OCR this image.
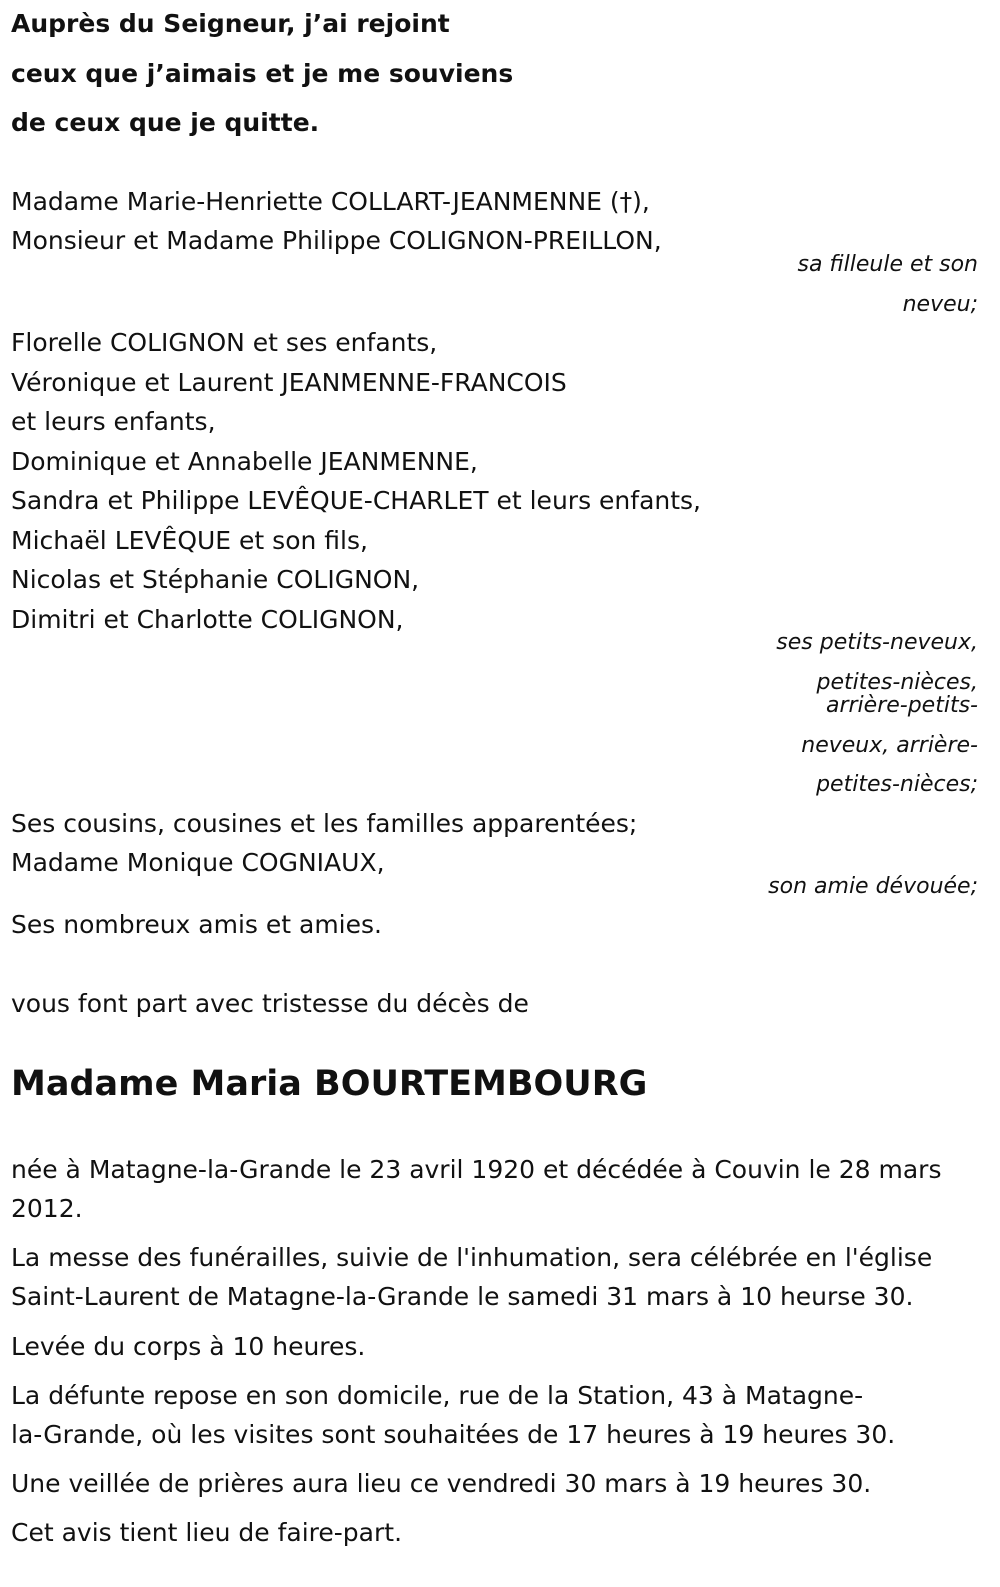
Auprès du Seigneur, j’ai rejoint
ceux que j’aimais et je me souviens
de ceux que je quitte.
Madame Marie-Henriette COLLART-JEANMENNE (†),
Monsieur et Madame Philippe COLIGNON-PREILLON,
sa filleule et son
neveu;
Florelle COLIGNON et ses enfants,
Véronique et Laurent JEANMENNE-FRANCOIS
et leurs enfants,
Dominique et Annabelle JEANMENNE,
Sandra et Philippe LEVÊQUE-CHARLET et leurs enfants,
Michaël LEVÊQUE et son fils,
Nicolas et Stéphanie COLIGNON,
Dimitri et Charlotte COLIGNON,
ses petits-neveux,
petites-nièces,
arrière-petits-
neveux, arrière-
petites-nièces;
Ses cousins, cousines et les familles apparentées;
Madame Monique COGNIAUX,
son amie dévouée;
Ses nombreux amis et amies.
vous font part avec tristesse du décès de
Madame Maria BOURTEMBOURG
née à Matagne-la-Grande le 23 avril 1920 et décédée à Couvin le 28 mars
2012.
La messe des funérailles, suivie de l'inhumation, sera célébrée en l'église
Saint-Laurent de Matagne-la-Grande le samedi 31 mars à 10 heurse 30.
Levée du corps à 10 heures.
La défunte repose en son domicile, rue de la Station, 43 à Matagne-
la-Grande, où les visites sont souhaitées de 17 heures à 19 heures 30.
Une veillée de prières aura lieu ce vendredi 30 mars à 19 heures 30.
Cet avis tient lieu de faire-part.
